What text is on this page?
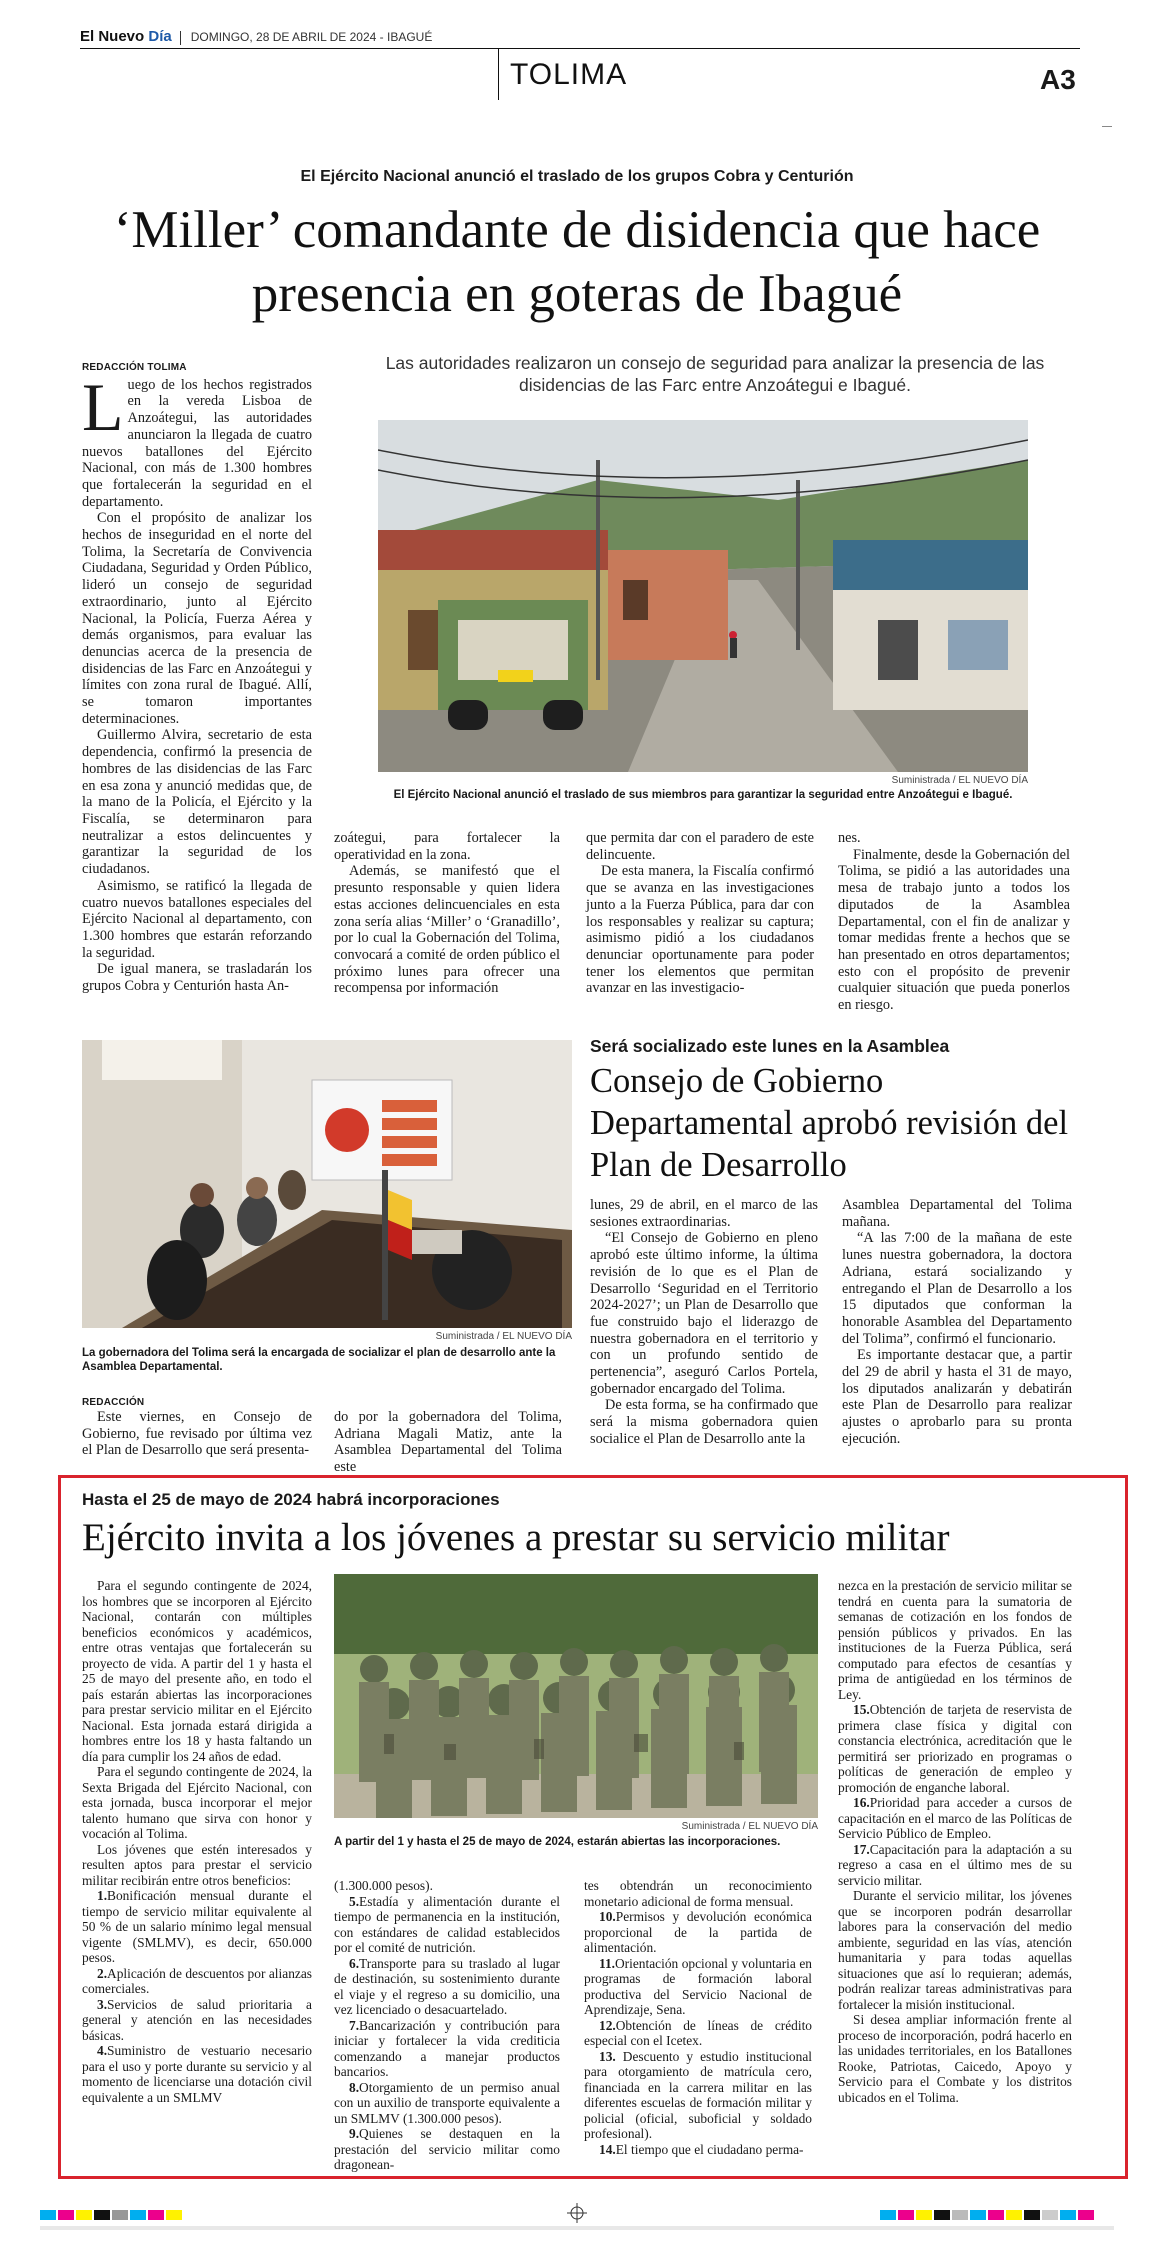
El Nuevo Día DOMINGO, 28 DE ABRIL DE 2024 - IBAGUÉ
TOLIMA	A3
El Ejército Nacional anunció el traslado de los grupos Cobra y Centurión
‘Miller’ comandante de disidencia que hace presencia en goteras de Ibagué
REDACCIÓN TOLIMA

Luego de los hechos registrados en la vereda Lisboa de Anzoátegui, las autoridades anunciaron la llegada de cuatro nuevos batallones del Ejército Nacional, con más de 1.300 hombres que fortalecerán la seguridad en el departamento.

Con el propósito de analizar los hechos de inseguridad en el norte del Tolima, la Secretaría de Convivencia Ciudadana, Seguridad y Orden Público, lideró un consejo de seguridad extraordinario, junto al Ejército Nacional, la Policía, Fuerza Aérea y demás organismos, para evaluar las denuncias acerca de la presencia de disidencias de las Farc en Anzoátegui y límites con zona rural de Ibagué. Allí, se tomaron importantes determinaciones.

Guillermo Alvira, secretario de esta dependencia, confirmó la presencia de hombres de las disidencias de las Farc en esa zona y anunció medidas que, de la mano de la Policía, el Ejército y la Fiscalía, se determinaron para neutralizar a estos delincuentes y garantizar la seguridad de los ciudadanos.

Asimismo, se ratificó la llegada de cuatro nuevos batallones especiales del Ejército Nacional al departamento, con 1.300 hombres que estarán reforzando la seguridad.

De igual manera, se trasladarán los grupos Cobra y Centurión hasta An-

Las autoridades realizaron un consejo de seguridad para analizar la presencia de las disidencias de las Farc entre Anzoátegui e Ibagué.
Suministrada / EL NUEVO DÍA
El Ejército Nacional anunció el traslado de sus miembros para garantizar la seguridad entre Anzoátegui e Ibagué.

zoátegui, para fortalecer la operatividad en la zona.

Además, se manifestó que el presunto responsable y quien lidera estas acciones delincuenciales en esta zona sería alias ‘Miller’ o ‘Granadillo’, por lo cual la Gobernación del Tolima, convocará a comité de orden público el próximo lunes para ofrecer una recompensa por información

que permita dar con el paradero de este delincuente.

De esta manera, la Fiscalía confirmó que se avanza en las investigaciones junto a la Fuerza Pública, para dar con los responsables y realizar su captura; asimismo pidió a los ciudadanos denunciar oportunamente para poder tener los elementos que permitan avanzar en las investigacio-

nes.

Finalmente, desde la Gobernación del Tolima, se pidió a las autoridades una mesa de trabajo junto a todos los diputados de la Asamblea Departamental, con el fin de analizar y tomar medidas frente a hechos que se han presentado en otros departamentos; esto con el propósito de prevenir cualquier situación que pueda ponerlos en riesgo.

Suministrada / EL NUEVO DÍA
La gobernadora del Tolima será la encargada de socializar el plan de desarrollo ante la Asamblea Departamental.
Será socializado este lunes en la Asamblea
Consejo de Gobierno Departamental aprobó revisión del Plan de Desarrollo
REDACCIÓN

Este viernes, en Consejo de Gobierno, fue revisado por última vez el Plan de Desarrollo que será presenta-

do por la gobernadora del Tolima, Adriana Magali Matiz, ante la Asamblea Departamental del Tolima este

lunes, 29 de abril, en el marco de las sesiones extraordinarias.

“El Consejo de Gobierno en pleno aprobó este último informe, la última revisión de lo que es el Plan de Desarrollo ‘Seguridad en el Territorio 2024-2027’; un Plan de Desarrollo que fue construido bajo el liderazgo de nuestra gobernadora en el territorio y con un profundo sentido de pertenencia”, aseguró Carlos Portela, gobernador encargado del Tolima.

De esta forma, se ha confirmado que será la misma gobernadora quien socialice el Plan de Desarrollo ante la

Asamblea Departamental del Tolima mañana.

“A las 7:00 de la mañana de este lunes nuestra gobernadora, la doctora Adriana, estará socializando y entregando el Plan de Desarrollo a los 15 diputados que conforman la honorable Asamblea del Departamento del Tolima”, confirmó el funcionario.

Es importante destacar que, a partir del 29 de abril y hasta el 31 de mayo, los diputados analizarán y debatirán este Plan de Desarrollo para realizar ajustes o aprobarlo para su pronta ejecución.

Hasta el 25 de mayo de 2024 habrá incorporaciones
Ejército invita a los jóvenes a prestar su servicio militar
Suministrada / EL NUEVO DÍA
A partir del 1 y hasta el 25 de mayo de 2024, estarán abiertas las incorporaciones.

Para el segundo contingente de 2024, los hombres que se incorporen al Ejército Nacional, contarán con múltiples beneficios económicos y académicos, entre otras ventajas que fortalecerán su proyecto de vida. A partir del 1 y hasta el 25 de mayo del presente año, en todo el país estarán abiertas las incorporaciones para prestar servicio militar en el Ejército Nacional. Esta jornada estará dirigida a hombres entre los 18 y hasta faltando un día para cumplir los 24 años de edad.

Para el segundo contingente de 2024, la Sexta Brigada del Ejército Nacional, con esta jornada, busca incorporar el mejor talento humano que sirva con honor y vocación al Tolima.

Los jóvenes que estén interesados y resulten aptos para prestar el servicio militar recibirán entre otros beneficios:

1.Bonificación mensual durante el tiempo de servicio militar equivalente al 50 % de un salario mínimo legal mensual vigente (SMLMV), es decir, 650.000 pesos.

2.Aplicación de descuentos por alianzas comerciales.

3.Servicios de salud prioritaria a general y atención en las necesidades básicas.

4.Suministro de vestuario necesario para el uso y porte durante su servicio y al momento de licenciarse una dotación civil equivalente a un SMLMV

(1.300.000 pesos).

5.Estadía y alimentación durante el tiempo de permanencia en la institución, con estándares de calidad establecidos por el comité de nutrición.

6.Transporte para su traslado al lugar de destinación, su sostenimiento durante el viaje y el regreso a su domicilio, una vez licenciado o desacuartelado.

7.Bancarización y contribución para iniciar y fortalecer la vida crediticia comenzando a manejar productos bancarios.

8.Otorgamiento de un permiso anual con un auxilio de transporte equivalente a un SMLMV (1.300.000 pesos).

9.Quienes se destaquen en la prestación del servicio militar como dragonean-

tes obtendrán un reconocimiento monetario adicional de forma mensual.

10.Permisos y devolución económica proporcional de la partida de alimentación.

11.Orientación opcional y voluntaria en programas de formación laboral productiva del Servicio Nacional de Aprendizaje, Sena.

12.Obtención de líneas de crédito especial con el Icetex.

13. Descuento y estudio institucional para otorgamiento de matrícula cero, financiada en la carrera militar en las diferentes escuelas de formación militar y policial (oficial, suboficial y soldado profesional).

14.El tiempo que el ciudadano perma-

nezca en la prestación de servicio militar se tendrá en cuenta para la sumatoria de semanas de cotización en los fondos de pensión públicos y privados. En las instituciones de la Fuerza Pública, será computado para efectos de cesantías y prima de antigüedad en los términos de Ley.

15.Obtención de tarjeta de reservista de primera clase física y digital con constancia electrónica, acreditación que le permitirá ser priorizado en programas o políticas de generación de empleo y promoción de enganche laboral.

16.Prioridad para acceder a cursos de capacitación en el marco de las Políticas de Servicio Público de Empleo.

17.Capacitación para la adaptación a su regreso a casa en el último mes de su servicio militar.

Durante el servicio militar, los jóvenes que se incorporen podrán desarrollar labores para la conservación del medio ambiente, seguridad en las vías, atención humanitaria y para todas aquellas situaciones que así lo requieran; además, podrán realizar tareas administrativas para fortalecer la misión institucional.

Si desea ampliar información frente al proceso de incorporación, podrá hacerlo en las unidades territoriales, en los Batallones Rooke, Patriotas, Caicedo, Apoyo y Servicio para el Combate y los distritos ubicados en el Tolima.
